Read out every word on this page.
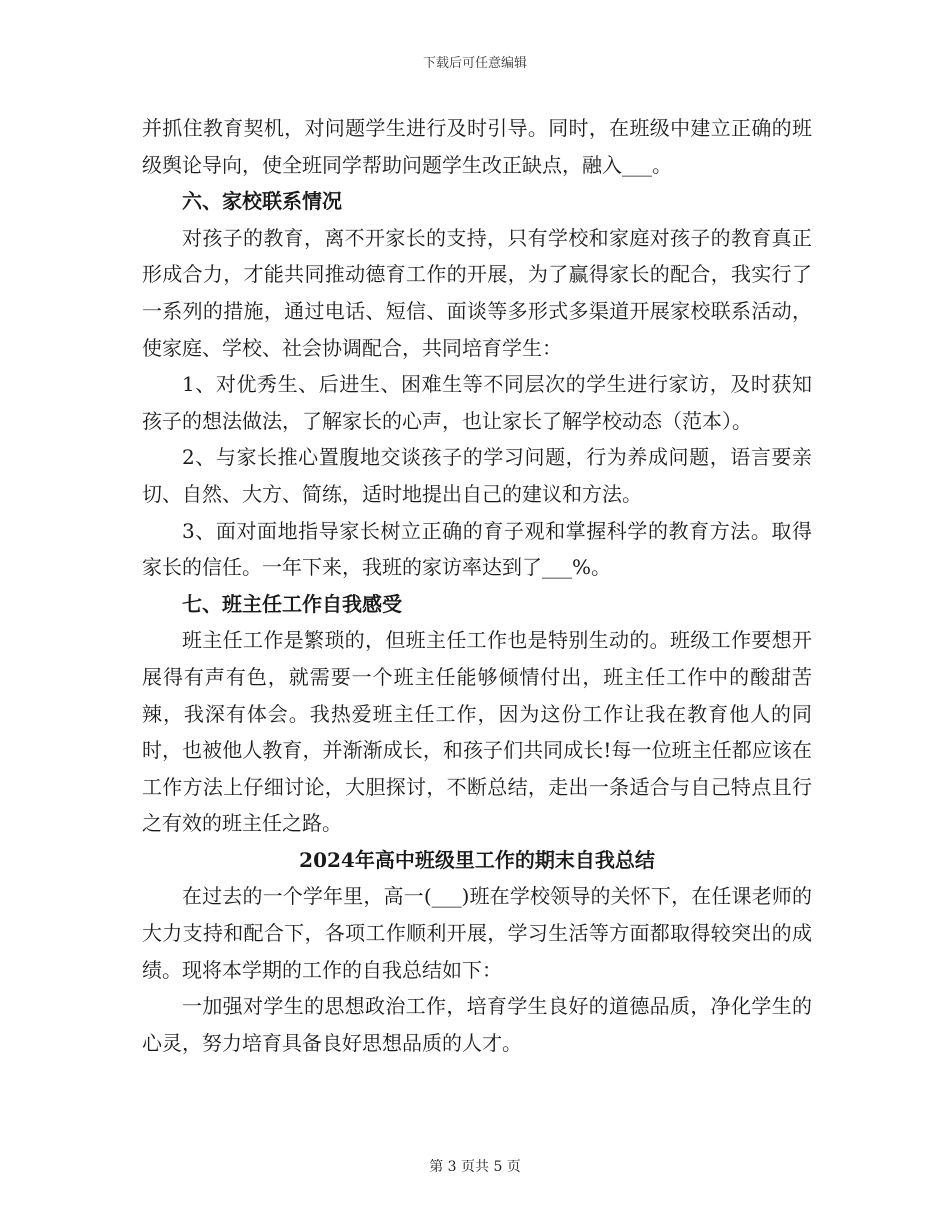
下载后可任意编辑

并抓住教育契机，对问题学生进行及时引导。同时，在班级中建立正确的班级舆论导向，使全班同学帮助问题学生改正缺点，融入___。

六、家校联系情况

对孩子的教育，离不开家长的支持，只有学校和家庭对孩子的教育真正形成合力，才能共同推动德育工作的开展，为了赢得家长的配合，我实行了一系列的措施，通过电话、短信、面谈等多形式多渠道开展家校联系活动，使家庭、学校、社会协调配合，共同培育学生：

1、对优秀生、后进生、困难生等不同层次的学生进行家访，及时获知孩子的想法做法，了解家长的心声，也让家长了解学校动态（范本）。

2、与家长推心置腹地交谈孩子的学习问题，行为养成问题，语言要亲切、自然、大方、简练，适时地提出自己的建议和方法。

3、面对面地指导家长树立正确的育子观和掌握科学的教育方法。取得家长的信任。一年下来，我班的家访率达到了___%。

七、班主任工作自我感受

班主任工作是繁琐的，但班主任工作也是特别生动的。班级工作要想开展得有声有色，就需要一个班主任能够倾情付出，班主任工作中的酸甜苦辣，我深有体会。我热爱班主任工作，因为这份工作让我在教育他人的同时，也被他人教育，并渐渐成长，和孩子们共同成长!每一位班主任都应该在工作方法上仔细讨论，大胆探讨，不断总结，走出一条适合与自己特点且行之有效的班主任之路。

2024年高中班级里工作的期末自我总结

在过去的一个学年里，高一(___)班在学校领导的关怀下，在任课老师的大力支持和配合下，各项工作顺利开展，学习生活等方面都取得较突出的成绩。现将本学期的工作的自我总结如下：

一加强对学生的思想政治工作，培育学生良好的道德品质，净化学生的心灵，努力培育具备良好思想品质的人才。

第 3 页共 5 页
